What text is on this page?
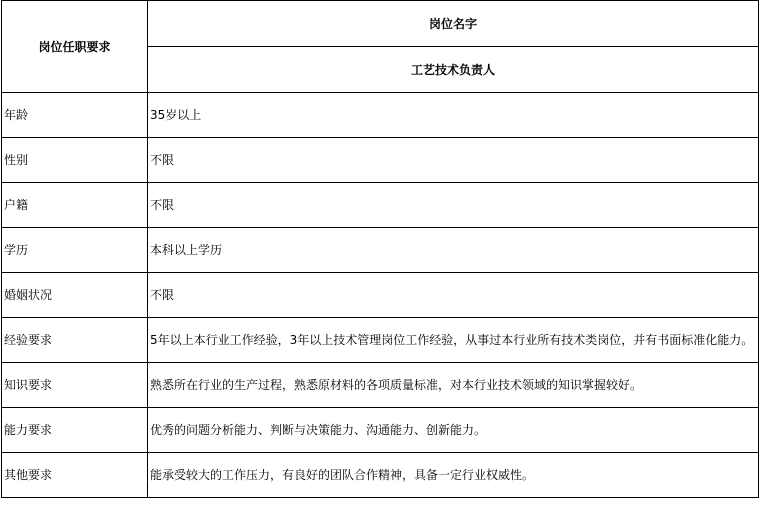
岗位任职要求	岗位名字
	工艺技术负责人
年龄	35岁以上
性别	不限
户籍	不限
学历	本科以上学历
婚姻状况	不限
经验要求	5年以上本行业工作经验，3年以上技术管理岗位工作经验，从事过本行业所有技术类岗位，并有书面标准化能力。
知识要求	熟悉所在行业的生产过程，熟悉原材料的各项质量标准，对本行业技术领域的知识掌握较好。
能力要求	优秀的问题分析能力、判断与决策能力、沟通能力、创新能力。
其他要求	能承受较大的工作压力，有良好的团队合作精神，具备一定行业权威性。
